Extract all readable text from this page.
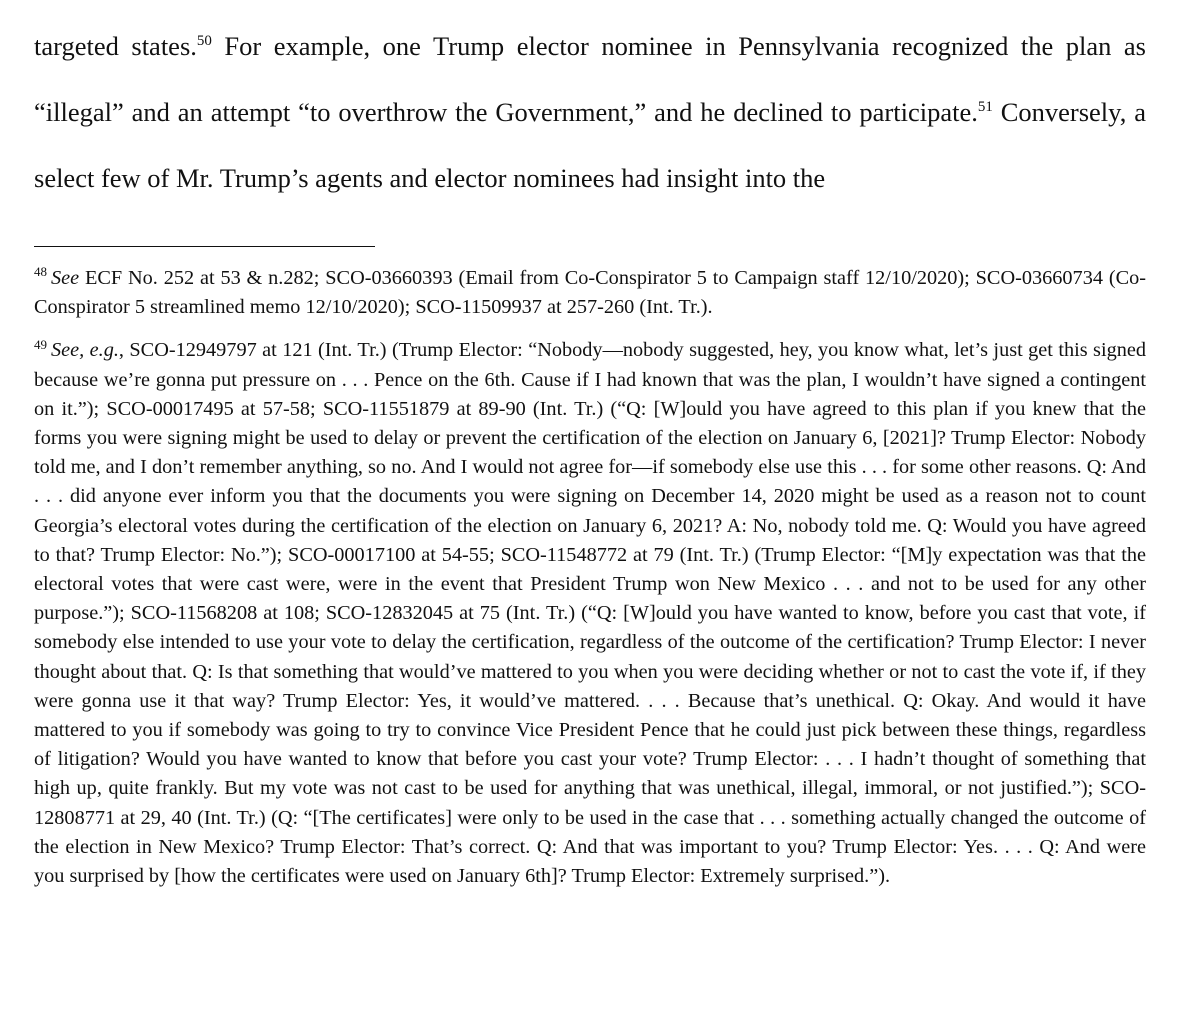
targeted states.$^{50}$ For example, one Trump elector nominee in Pennsylvania recognized the plan as “illegal” and an attempt “to overthrow the Government,” and he declined to participate.$^{51}$ Conversely, a select few of Mr. Trump’s agents and elector nominees had insight into the

$^{48}$ See ECF No. 252 at 53 & n.282; SCO-03660393 (Email from Co-Conspirator 5 to Campaign staff 12/10/2020); SCO-03660734 (Co-Conspirator 5 streamlined memo 12/10/2020); SCO-11509937 at 257-260 (Int. Tr.).

$^{49}$ See, e.g., SCO-12949797 at 121 (Int. Tr.) (Trump Elector: “Nobody—nobody suggested, hey, you know what, let’s just get this signed because we’re gonna put pressure on . . . Pence on the 6th. Cause if I had known that was the plan, I wouldn’t have signed a contingent on it.”); SCO-00017495 at 57-58; SCO-11551879 at 89-90 (Int. Tr.) (“Q: [W]ould you have agreed to this plan if you knew that the forms you were signing might be used to delay or prevent the certification of the election on January 6, [2021]? Trump Elector: Nobody told me, and I don’t remember anything, so no. And I would not agree for—if somebody else use this . . . for some other reasons. Q: And . . . did anyone ever inform you that the documents you were signing on December 14, 2020 might be used as a reason not to count Georgia’s electoral votes during the certification of the election on January 6, 2021? A: No, nobody told me. Q: Would you have agreed to that? Trump Elector: No.”); SCO-00017100 at 54-55; SCO-11548772 at 79 (Int. Tr.) (Trump Elector: “[M]y expectation was that the electoral votes that were cast were, were in the event that President Trump won New Mexico . . . and not to be used for any other purpose.”); SCO-11568208 at 108; SCO-12832045 at 75 (Int. Tr.) (“Q: [W]ould you have wanted to know, before you cast that vote, if somebody else intended to use your vote to delay the certification, regardless of the outcome of the certification? Trump Elector: I never thought about that. Q: Is that something that would’ve mattered to you when you were deciding whether or not to cast the vote if, if they were gonna use it that way? Trump Elector: Yes, it would’ve mattered. . . . Because that’s unethical. Q: Okay. And would it have mattered to you if somebody was going to try to convince Vice President Pence that he could just pick between these things, regardless of litigation? Would you have wanted to know that before you cast your vote? Trump Elector: . . . I hadn’t thought of something that high up, quite frankly. But my vote was not cast to be used for anything that was unethical, illegal, immoral, or not justified.”); SCO-12808771 at 29, 40 (Int. Tr.) (Q: “[The certificates] were only to be used in the case that . . . something actually changed the outcome of the election in New Mexico? Trump Elector: That’s correct. Q: And that was important to you? Trump Elector: Yes. . . . Q: And were you surprised by [how the certificates were used on January 6th]? Trump Elector: Extremely surprised.”).
